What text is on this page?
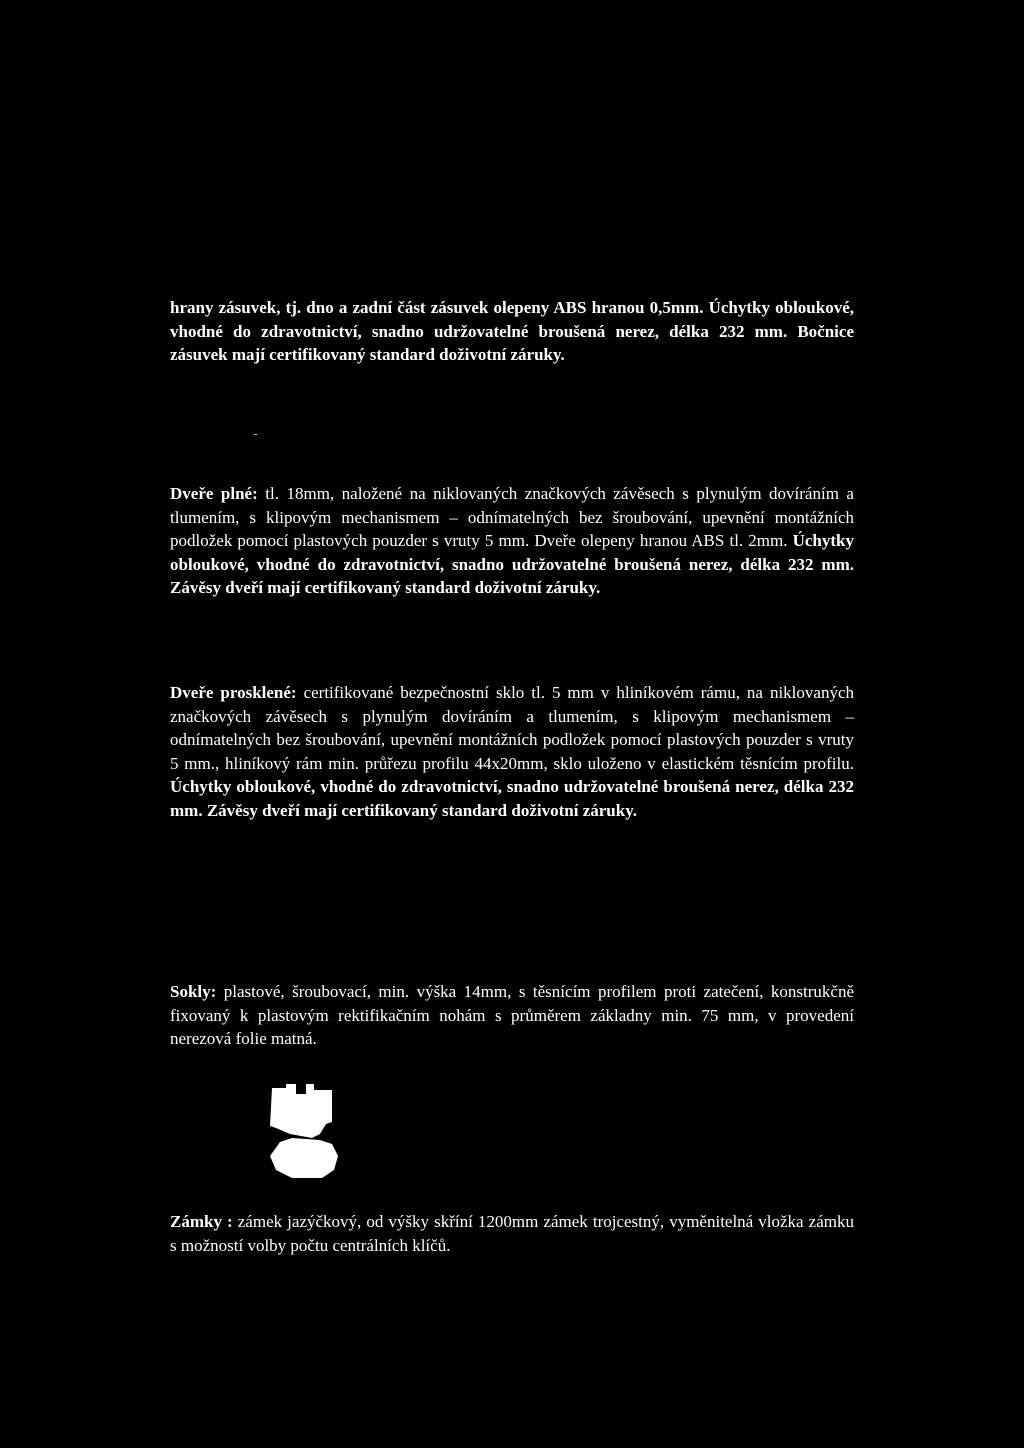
hrany zásuvek, tj. dno a zadní část zásuvek olepeny ABS hranou 0,5mm. Úchytky obloukové, vhodné do zdravotnictví, snadno udržovatelné broušená nerez, délka 232 mm. Bočnice zásuvek mají certifikovaný standard doživotní záruky.

Dveře plné: tl. 18mm, naložené na niklovaných značkových závěsech s plynulým dovíráním a tlumením, s klipovým mechanismem – odnímatelných bez šroubování, upevnění montážních podložek pomocí plastových pouzder s vruty 5 mm. Dveře olepeny hranou ABS tl. 2mm. Úchytky obloukové, vhodné do zdravotnictví, snadno udržovatelné broušená nerez, délka 232 mm. Závěsy dveří mají certifikovaný standard doživotní záruky.

Dveře prosklené: certifikované bezpečnostní sklo tl. 5 mm v hliníkovém rámu, na niklovaných značkových závěsech s plynulým dovíráním a tlumením, s klipovým mechanismem – odnímatelných bez šroubování, upevnění montážních podložek pomocí plastových pouzder s vruty 5 mm., hliníkový rám min. průřezu profilu 44x20mm, sklo uloženo v elastickém těsnícím profilu. Úchytky obloukové, vhodné do zdravotnictví, snadno udržovatelné broušená nerez, délka 232 mm. Závěsy dveří mají certifikovaný standard doživotní záruky.

Sokly: plastové, šroubovací, min. výška 14mm, s těsnícím profilem proti zatečení, konstrukčně fixovaný k plastovým rektifikačním nohám s průměrem základny min. 75 mm, v provedení nerezová folie matná.

Zámky : zámek jazýčkový, od výšky skříní 1200mm zámek trojcestný, vyměnitelná vložka zámku s možností volby počtu centrálních klíčů.
